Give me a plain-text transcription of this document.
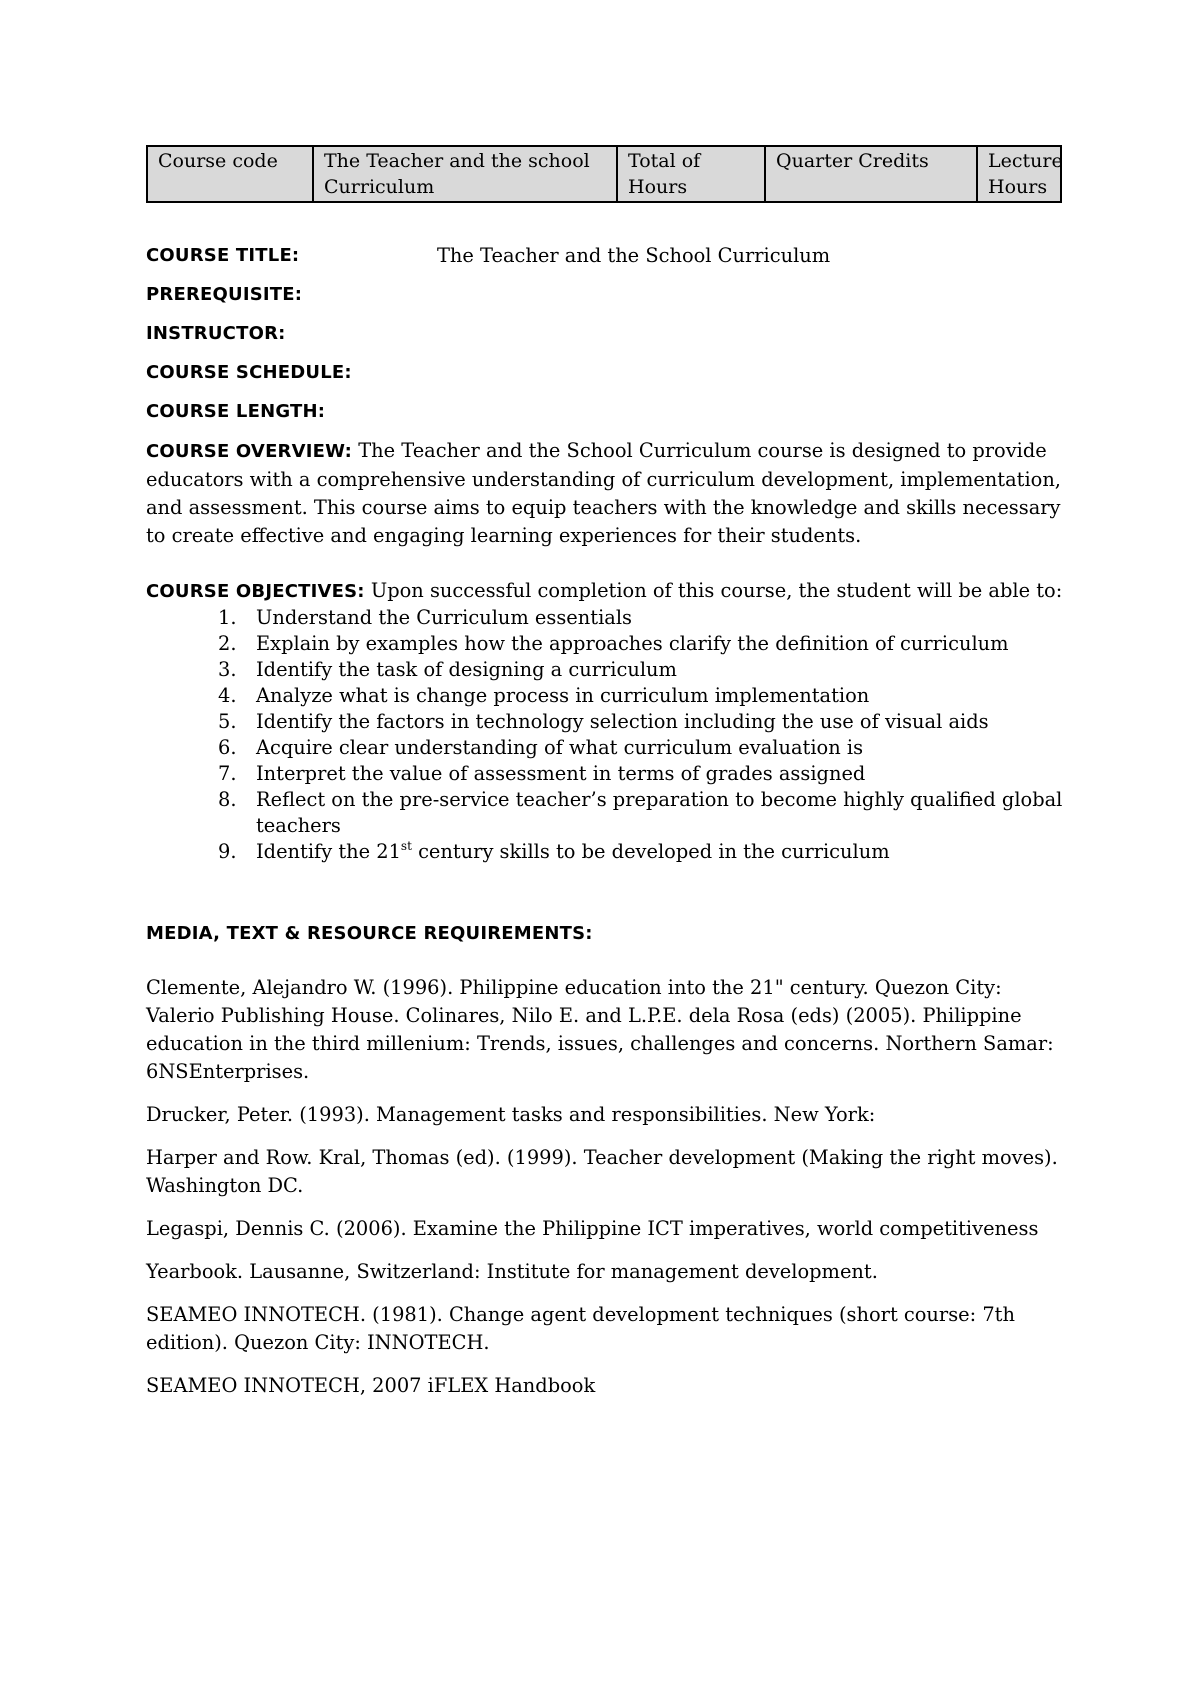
Course code	The Teacher and the school Curriculum	Total of Hours	Quarter Credits	Lecture Hours
COURSE TITLE:	The Teacher and the School Curriculum
PREREQUISITE:
INSTRUCTOR:
COURSE SCHEDULE:
COURSE LENGTH:

COURSE OVERVIEW: The Teacher and the School Curriculum course is designed to provide educators with a comprehensive understanding of curriculum development, implementation, and assessment. This course aims to equip teachers with the knowledge and skills necessary to create effective and engaging learning experiences for their students.

COURSE OBJECTIVES: Upon successful completion of this course, the student will be able to:

1. Understand the Curriculum essentials
2. Explain by examples how the approaches clarify the definition of curriculum
3. Identify the task of designing a curriculum
4. Analyze what is change process in curriculum implementation
5. Identify the factors in technology selection including the use of visual aids
6. Acquire clear understanding of what curriculum evaluation is
7. Interpret the value of assessment in terms of grades assigned
8. Reflect on the pre-service teacher’s preparation to become highly qualified global teachers
9. Identify the 21st century skills to be developed in the curriculum
MEDIA, TEXT & RESOURCE REQUIREMENTS:

Clemente, Alejandro W. (1996). Philippine education into the 21" century. Quezon City: Valerio Publishing House. Colinares, Nilo E. and L.P.E. dela Rosa (eds) (2005). Philippine education in the third millenium: Trends, issues, challenges and concerns. Northern Samar: 6NSEnterprises.

Drucker, Peter. (1993). Management tasks and responsibilities. New York:

Harper and Row. Kral, Thomas (ed). (1999). Teacher development (Making the right moves). Washington DC.

Legaspi, Dennis C. (2006). Examine the Philippine ICT imperatives, world competitiveness

Yearbook. Lausanne, Switzerland: Institute for management development.

SEAMEO INNOTECH. (1981). Change agent development techniques (short course: 7th edition). Quezon City: INNOTECH.

SEAMEO INNOTECH, 2007 iFLEX Handbook
